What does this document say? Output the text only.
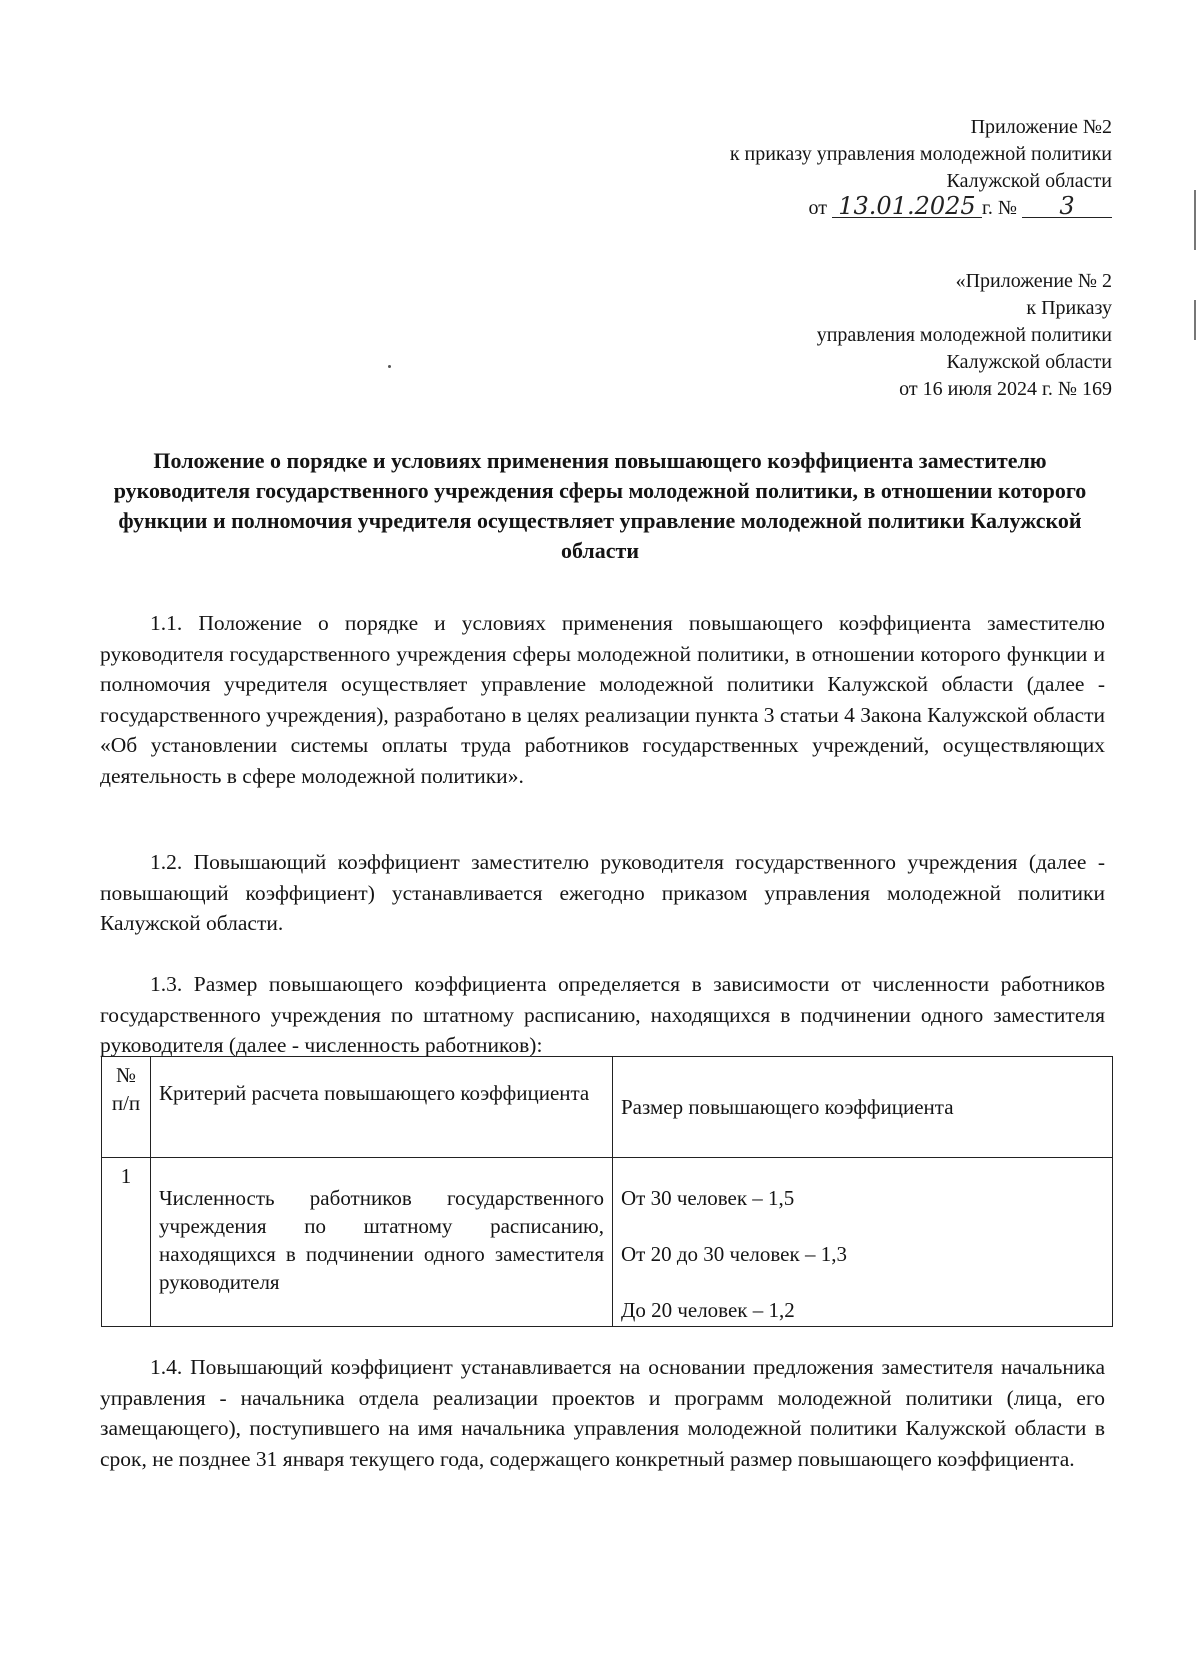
Приложение №2
к приказу управления молодежной политики
Калужской области
от 13.01.2025 г. № 3
«Приложение № 2
к Приказу
управления молодежной политики
Калужской области
от 16 июля 2024 г. № 169
Положение о порядке и условиях применения повышающего коэффициента заместителю руководителя государственного учреждения сферы молодежной политики, в отношении которого функции и полномочия учредителя осуществляет управление молодежной политики Калужской области
1.1. Положение о порядке и условиях применения повышающего коэффициента заместителю руководителя государственного учреждения сферы молодежной политики, в отношении которого функции и полномочия учредителя осуществляет управление молодежной политики Калужской области (далее - государственного учреждения), разработано в целях реализации пункта 3 статьи 4 Закона Калужской области «Об установлении системы оплаты труда работников государственных учреждений, осуществляющих деятельность в сфере молодежной политики».
1.2. Повышающий коэффициент заместителю руководителя государственного учреждения (далее - повышающий коэффициент) устанавливается ежегодно приказом управления молодежной политики Калужской области.
1.3. Размер повышающего коэффициента определяется в зависимости от численности работников государственного учреждения по штатному расписанию, находящихся в подчинении одного заместителя руководителя (далее - численность работников):
№ п/п	Критерий расчета повышающего коэффициента	Размер повышающего коэффициента
1	Численность работников государственного учреждения по штатному расписанию, находящихся в подчинении одного заместителя руководителя	От 30 человек – 1,5
От 20 до 30 человек – 1,3
До 20 человек – 1,2
1.4. Повышающий коэффициент устанавливается на основании предложения заместителя начальника управления - начальника отдела реализации проектов и программ молодежной политики (лица, его замещающего), поступившего на имя начальника управления молодежной политики Калужской области в срок, не позднее 31 января текущего года, содержащего конкретный размер повышающего коэффициента.
